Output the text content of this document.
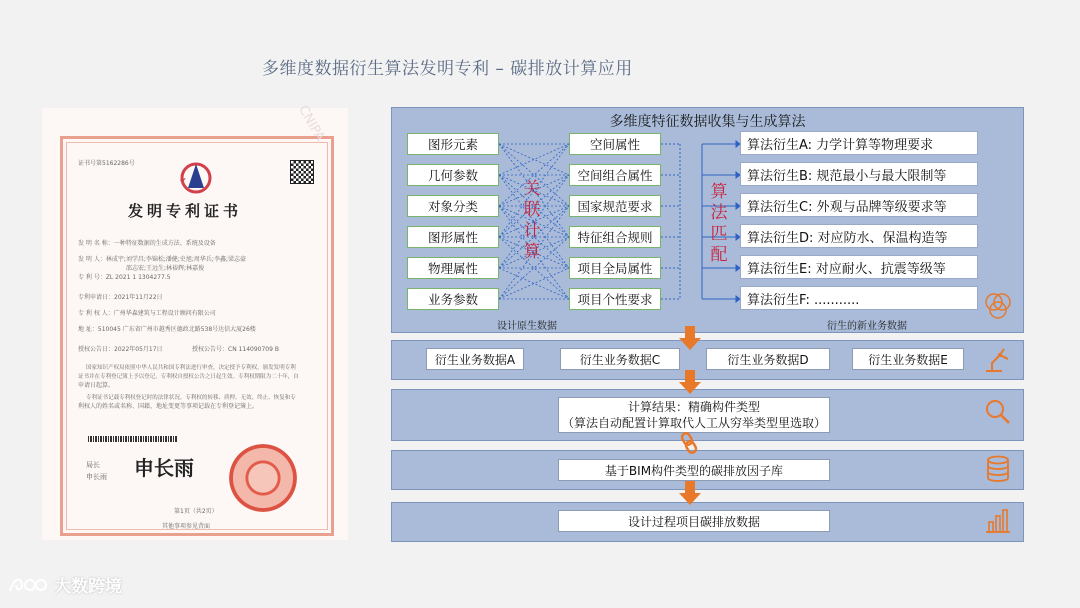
多维度数据衍生算法发明专利 – 碳排放计算应用
证书号第5162286号
CNIPA
发明专利证书
发 明 名 称：一种特征数据的生成方法、系统及设备
发 明 人：林成宇;刘学昌;李锦松;潘健;史旭;周华兵;李鑫;梁志豪
邵志宏;王远生;林裕辉;林嘉俊
专 利 号：ZL 2021 1 1304277.5
专利申请日：2021年11月22日
专 利 权 人：广州华森建筑与工程设计顾问有限公司
地 址：510045 广东省广州市越秀区德政北路538号达信大厦26楼
授权公告日：2022年05月17日	授权公告号：CN 114090709 B
国家知识产权局依照中华人民共和国专利法进行审查，决定授予专利权，颁发发明专利
证书并在专利登记簿上予以登记。专利权自授权公告之日起生效。专利权期限为二十年，自
申请日起算。
专利证书记载专利权登记时的法律状况。专利权的转移、质押、无效、终止、恢复和专
利权人的姓名或名称、国籍、地址变更等事项记载在专利登记簿上。
局长
申长雨 申长雨
第1页（共2页）
其他事项参见背面
多维度特征数据收集与生成算法
图形元素
几何参数
对象分类
图形属性
物理属性
业务参数
空间属性
空间组合属性
国家规范要求
特征组合规则
项目全局属性
项目个性要求
算法衍生A: 力学计算等物理要求
算法衍生B: 规范最小与最大限制等
算法衍生C: 外观与品牌等级要求等
算法衍生D: 对应防水、保温构造等
算法衍生E: 对应耐火、抗震等级等
算法衍生F: ...........
关联计算
算法匹配
设计原生数据	衍生的新业务数据
衍生业务数据A	衍生业务数据C	衍生业务数据D	衍生业务数据E
计算结果：精确构件类型
（算法自动配置计算取代人工从穷举类型里选取）
基于BIM构件类型的碳排放因子库
设计过程项目碳排放数据
大数跨境
